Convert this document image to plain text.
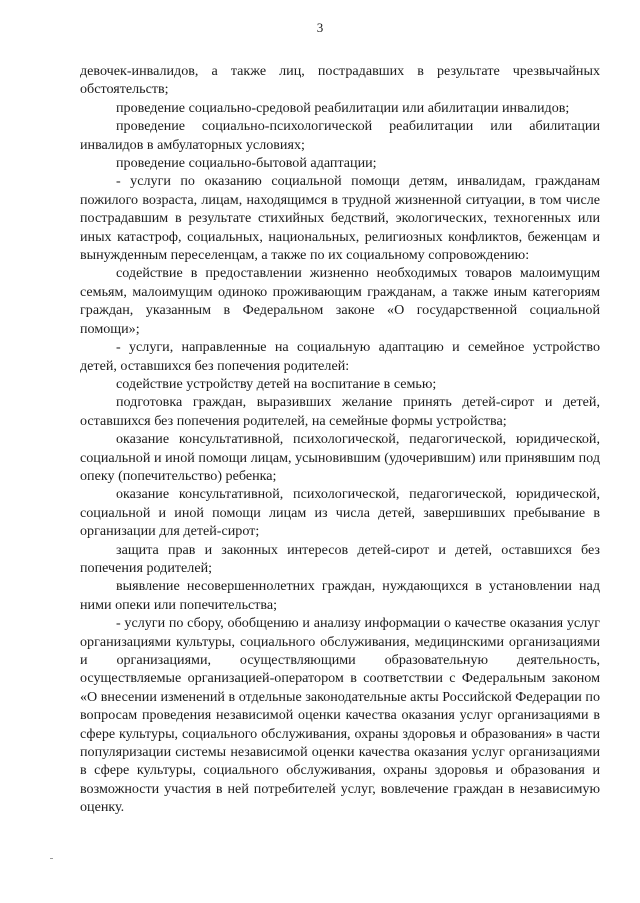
3

девочек-инвалидов, а также лиц, пострадавших в результате чрезвычайных обстоятельств;

проведение социально-средовой реабилитации или абилитации инвалидов;

проведение социально-психологической реабилитации или абилитации инвалидов в амбулаторных условиях;

проведение социально-бытовой адаптации;

- услуги по оказанию социальной помощи детям, инвалидам, гражданам пожилого возраста, лицам, находящимся в трудной жизненной ситуации, в том числе пострадавшим в результате стихийных бедствий, экологических, техногенных или иных катастроф, социальных, национальных, религиозных конфликтов, беженцам и вынужденным переселенцам, а также по их социальному сопровождению:

содействие в предоставлении жизненно необходимых товаров малоимущим семьям, малоимущим одиноко проживающим гражданам, а также иным категориям граждан, указанным в Федеральном законе «О государственной социальной помощи»;

- услуги, направленные на социальную адаптацию и семейное устройство детей, оставшихся без попечения родителей:

содействие устройству детей на воспитание в семью;

подготовка граждан, выразивших желание принять детей-сирот и детей, оставшихся без попечения родителей, на семейные формы устройства;

оказание консультативной, психологической, педагогической, юридической, социальной и иной помощи лицам, усыновившим (удочерившим) или принявшим под опеку (попечительство) ребенка;

оказание консультативной, психологической, педагогической, юридической, социальной и иной помощи лицам из числа детей, завершивших пребывание в организации для детей-сирот;

защита прав и законных интересов детей-сирот и детей, оставшихся без попечения родителей;

выявление несовершеннолетних граждан, нуждающихся в установлении над ними опеки или попечительства;

- услуги по сбору, обобщению и анализу информации о качестве оказания услуг организациями культуры, социального обслуживания, медицинскими организациями и организациями, осуществляющими образовательную деятельность, осуществляемые организацией-оператором в соответствии с Федеральным законом «О внесении изменений в отдельные законодательные акты Российской Федерации по вопросам проведения независимой оценки качества оказания услуг организациями в сфере культуры, социального обслуживания, охраны здоровья и образования» в части популяризации системы независимой оценки качества оказания услуг организациями в сфере культуры, социального обслуживания, охраны здоровья и образования и возможности участия в ней потребителей услуг, вовлечение граждан в независимую оценку.
